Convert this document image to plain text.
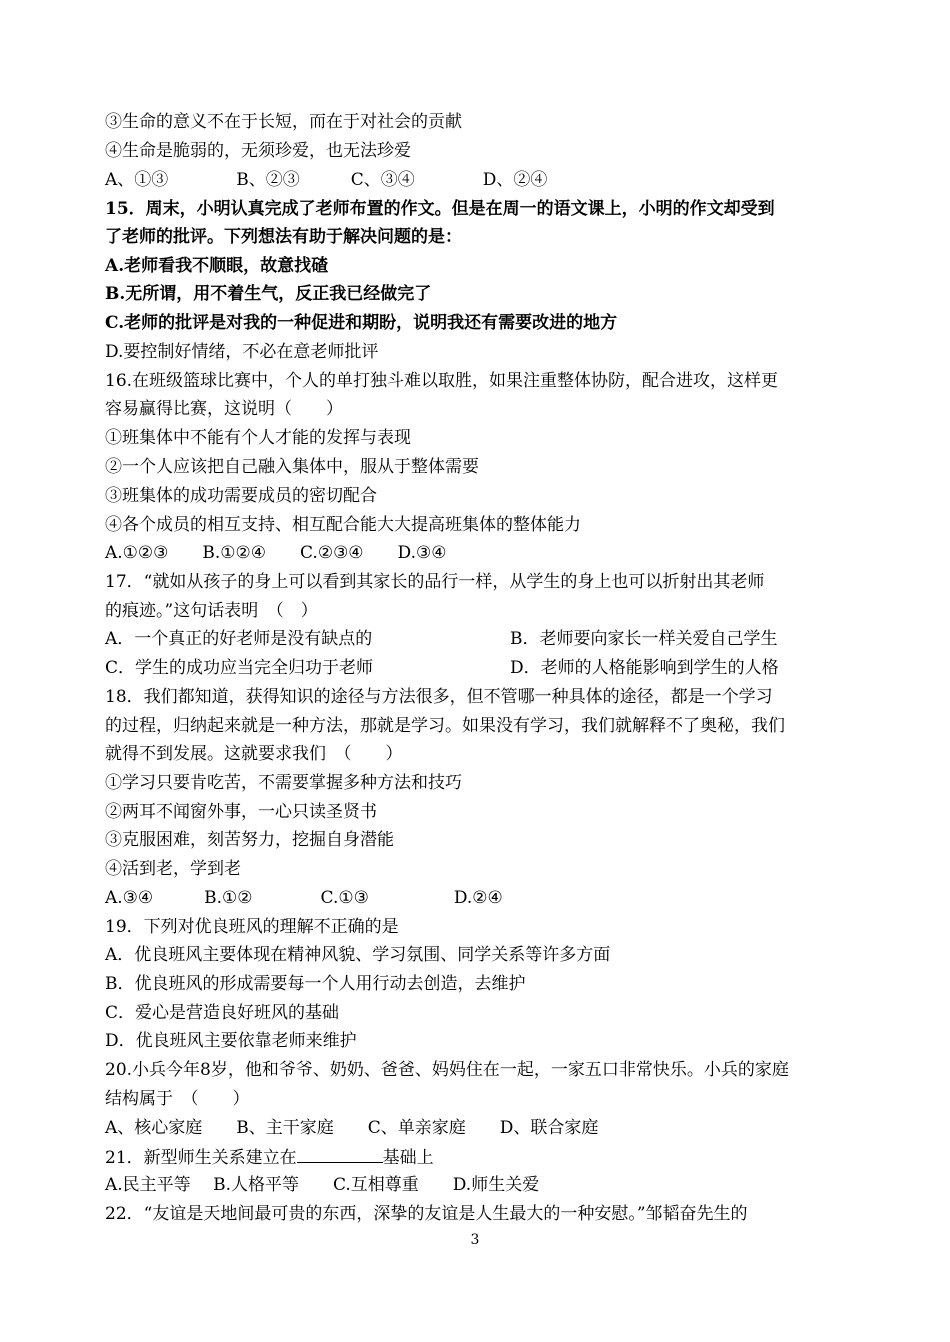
③生命的意义不在于长短，而在于对社会的贡献
④生命是脆弱的，无须珍爱，也无法珍爱
A、①③　　　　B、②③　　　C、③④　　　　D、②④
15．周末，小明认真完成了老师布置的作文。但是在周一的语文课上，小明的作文却受到
了老师的批评。下列想法有助于解决问题的是：
A.老师看我不顺眼，故意找碴
B.无所谓，用不着生气，反正我已经做完了
C.老师的批评是对我的一种促进和期盼，说明我还有需要改进的地方
D.要控制好情绪，不必在意老师批评
16.在班级篮球比赛中，个人的单打独斗难以取胜，如果注重整体协防，配合进攻，这样更
容易赢得比赛，这说明（　　）
①班集体中不能有个人才能的发挥与表现
②一个人应该把自己融入集体中，服从于整体需要
③班集体的成功需要成员的密切配合
④各个成员的相互支持、相互配合能大大提高班集体的整体能力
A.①②③　　B.①②④　　C.②③④　　D.③④
17．“就如从孩子的身上可以看到其家长的品行一样，从学生的身上也可以折射出其老师
的痕迹。”这句话表明　（　）
A．一个真正的好老师是没有缺点的	B．老师要向家长一样关爱自己学生
C．学生的成功应当完全归功于老师	D．老师的人格能影响到学生的人格
18．我们都知道，获得知识的途径与方法很多，但不管哪一种具体的途径，都是一个学习
的过程，归纳起来就是一种方法，那就是学习。如果没有学习，我们就解释不了奥秘，我们
就得不到发展。这就要求我们　（　　）
①学习只要肯吃苦，不需要掌握多种方法和技巧
②两耳不闻窗外事，一心只读圣贤书
③克服困难，刻苦努力，挖掘自身潜能
④活到老，学到老
A.③④　　　B.①②　　　　C.①③　　　　　D.②④
19．下列对优良班风的理解不正确的是
A．优良班风主要体现在精神风貌、学习氛围、同学关系等许多方面
B．优良班风的形成需要每一个人用行动去创造，去维护
C．爱心是营造良好班风的基础
D．优良班风主要依靠老师来维护
20.小兵今年8岁，他和爷爷、奶奶、爸爸、妈妈住在一起，一家五口非常快乐。小兵的家庭
结构属于　（　　）
A、核心家庭　　B、主干家庭　　C、单亲家庭　　D、联合家庭
21．新型师生关系建立在	基础上
A.民主平等　 B.人格平等　　C.互相尊重　　D.师生关爱
22．“友谊是天地间最可贵的东西，深挚的友谊是人生最大的一种安慰。”邹韬奋先生的
3
